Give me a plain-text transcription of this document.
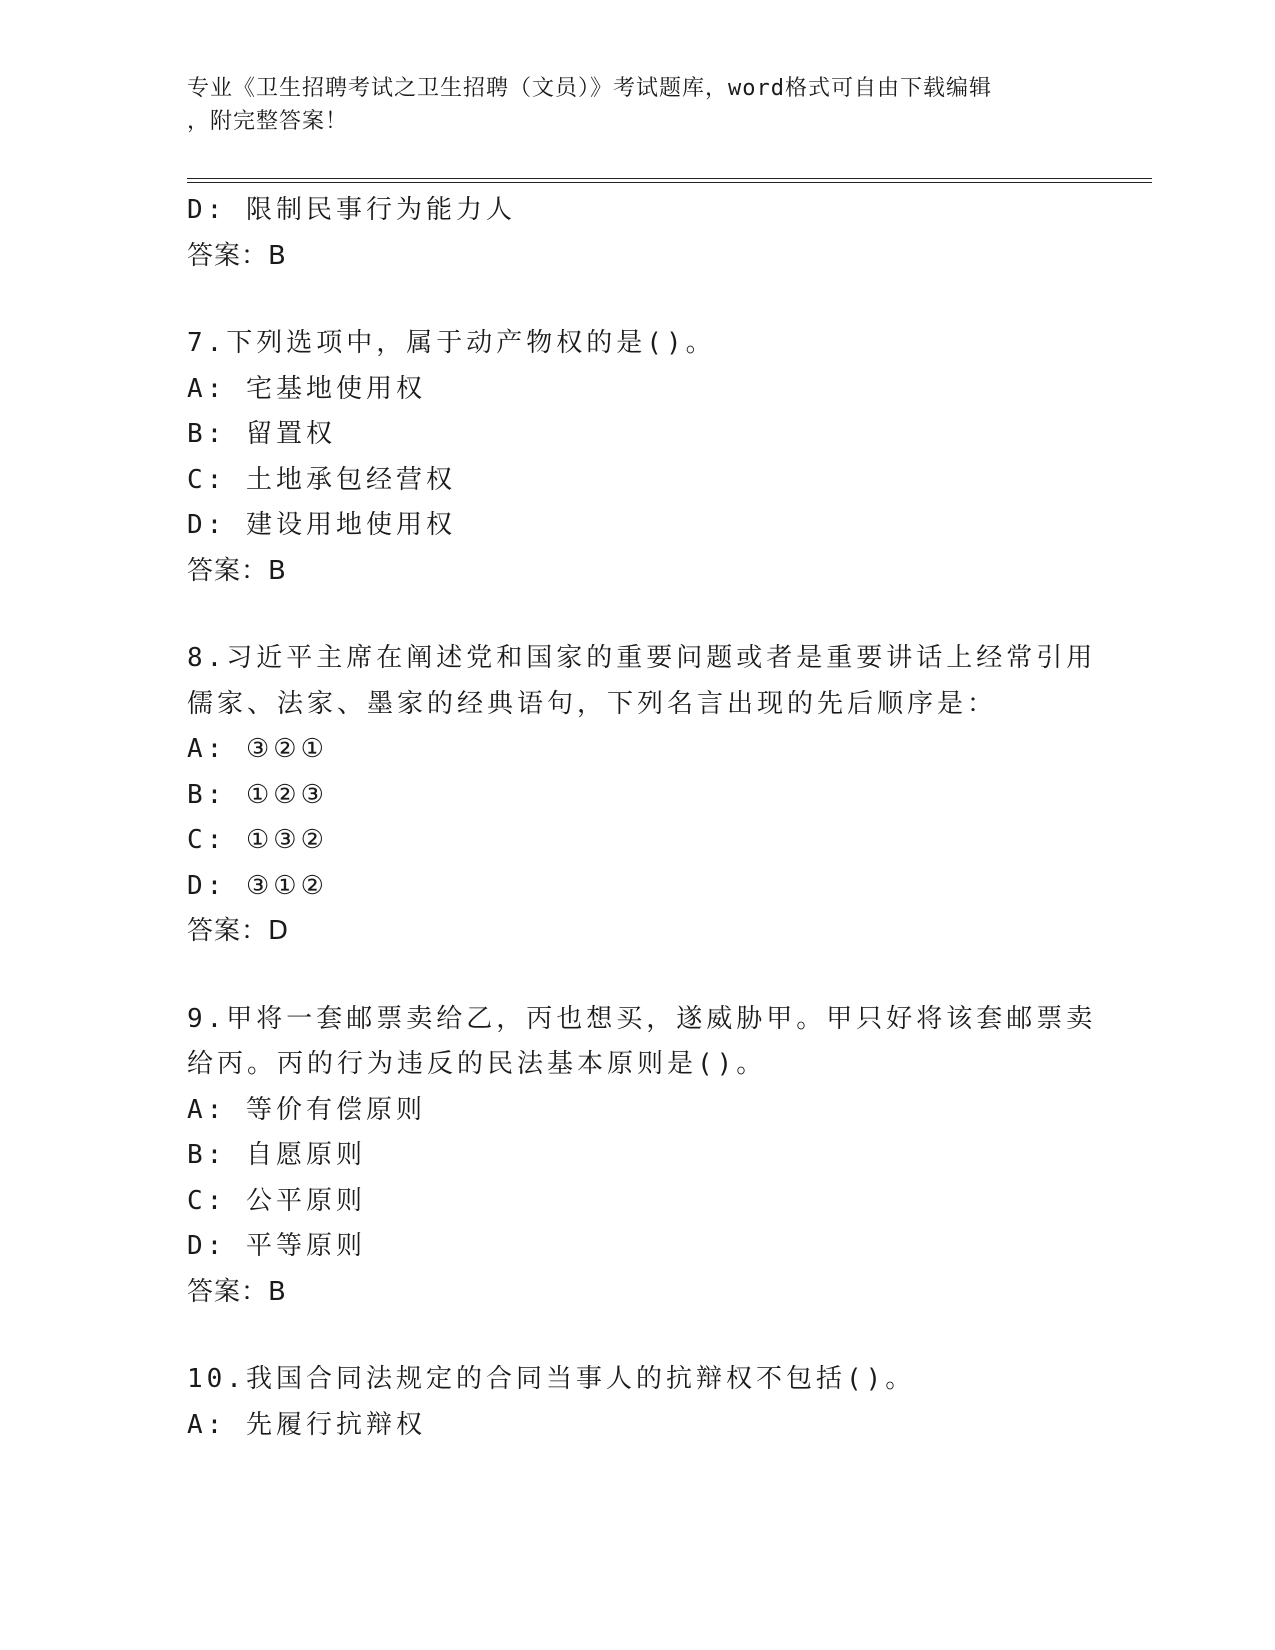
专业《卫生招聘考试之卫生招聘（文员）》考试题库，word格式可自由下载编辑
，附完整答案！
D: 限制民事行为能力人
答案：B
7.下列选项中，属于动产物权的是()。
A: 宅基地使用权
B: 留置权
C: 土地承包经营权
D: 建设用地使用权
答案：B
8.习近平主席在阐述党和国家的重要问题或者是重要讲话上经常引用
儒家、法家、墨家的经典语句，下列名言出现的先后顺序是：
A: ③②①
B: ①②③
C: ①③②
D: ③①②
答案：D
9.甲将一套邮票卖给乙，丙也想买，遂威胁甲。甲只好将该套邮票卖
给丙。丙的行为违反的民法基本原则是()。
A: 等价有偿原则
B: 自愿原则
C: 公平原则
D: 平等原则
答案：B
10.我国合同法规定的合同当事人的抗辩权不包括()。
A: 先履行抗辩权
